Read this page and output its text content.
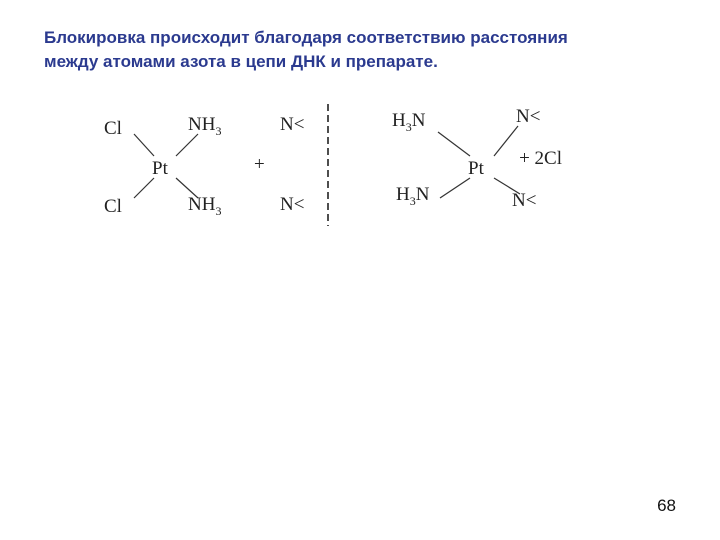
Блокировка происходит благодаря соответствию расстояния
между атомами азота в цепи ДНК и препарате.
Cl
Cl
Pt
$NH_3$
$NH_3$
+
N<
N<
$H_3N$
$H_3N$
Pt
N<
N<
+ 2Cl
68
